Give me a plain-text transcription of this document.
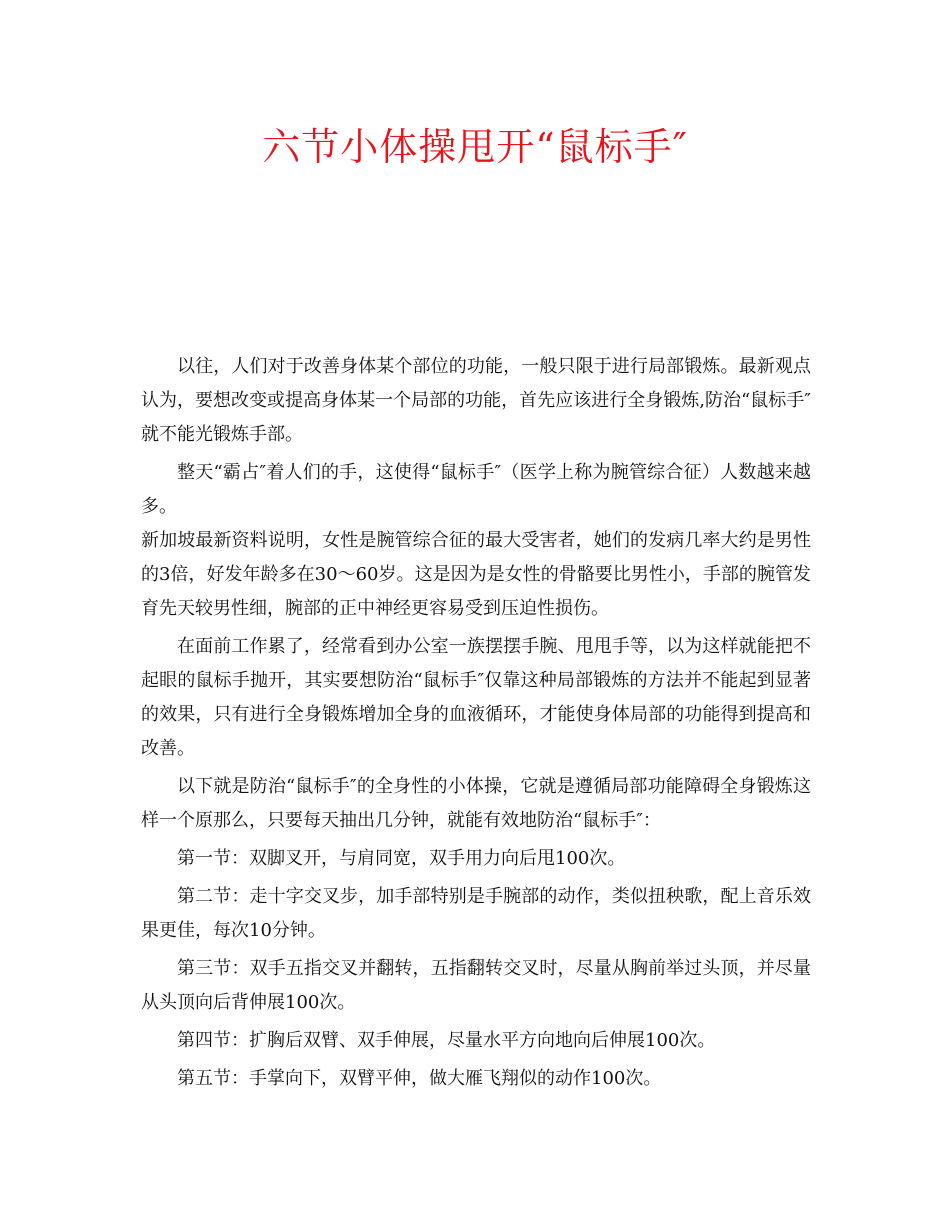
六节小体操甩开“鼠标手″

以往，人们对于改善身体某个部位的功能，一般只限于进行局部锻炼。最新观点认为，要想改变或提高身体某一个局部的功能，首先应该进行全身锻炼,防治“鼠标手″就不能光锻炼手部。

整天“霸占″着人们的手，这使得“鼠标手″（医学上称为腕管综合征）人数越来越多。

新加坡最新资料说明，女性是腕管综合征的最大受害者，她们的发病几率大约是男性的3倍，好发年龄多在30～60岁。这是因为是女性的骨骼要比男性小，手部的腕管发育先天较男性细，腕部的正中神经更容易受到压迫性损伤。

在面前工作累了，经常看到办公室一族摆摆手腕、甩甩手等，以为这样就能把不起眼的鼠标手抛开，其实要想防治“鼠标手″仅靠这种局部锻炼的方法并不能起到显著的效果，只有进行全身锻炼增加全身的血液循环，才能使身体局部的功能得到提高和改善。

以下就是防治“鼠标手″的全身性的小体操，它就是遵循局部功能障碍全身锻炼这样一个原那么，只要每天抽出几分钟，就能有效地防治“鼠标手″：

第一节：双脚叉开，与肩同宽，双手用力向后甩100次。

第二节：走十字交叉步，加手部特别是手腕部的动作，类似扭秧歌，配上音乐效果更佳，每次10分钟。

第三节：双手五指交叉并翻转，五指翻转交叉时，尽量从胸前举过头顶，并尽量从头顶向后背伸展100次。

第四节：扩胸后双臂、双手伸展，尽量水平方向地向后伸展100次。

第五节：手掌向下，双臂平伸，做大雁飞翔似的动作100次。
